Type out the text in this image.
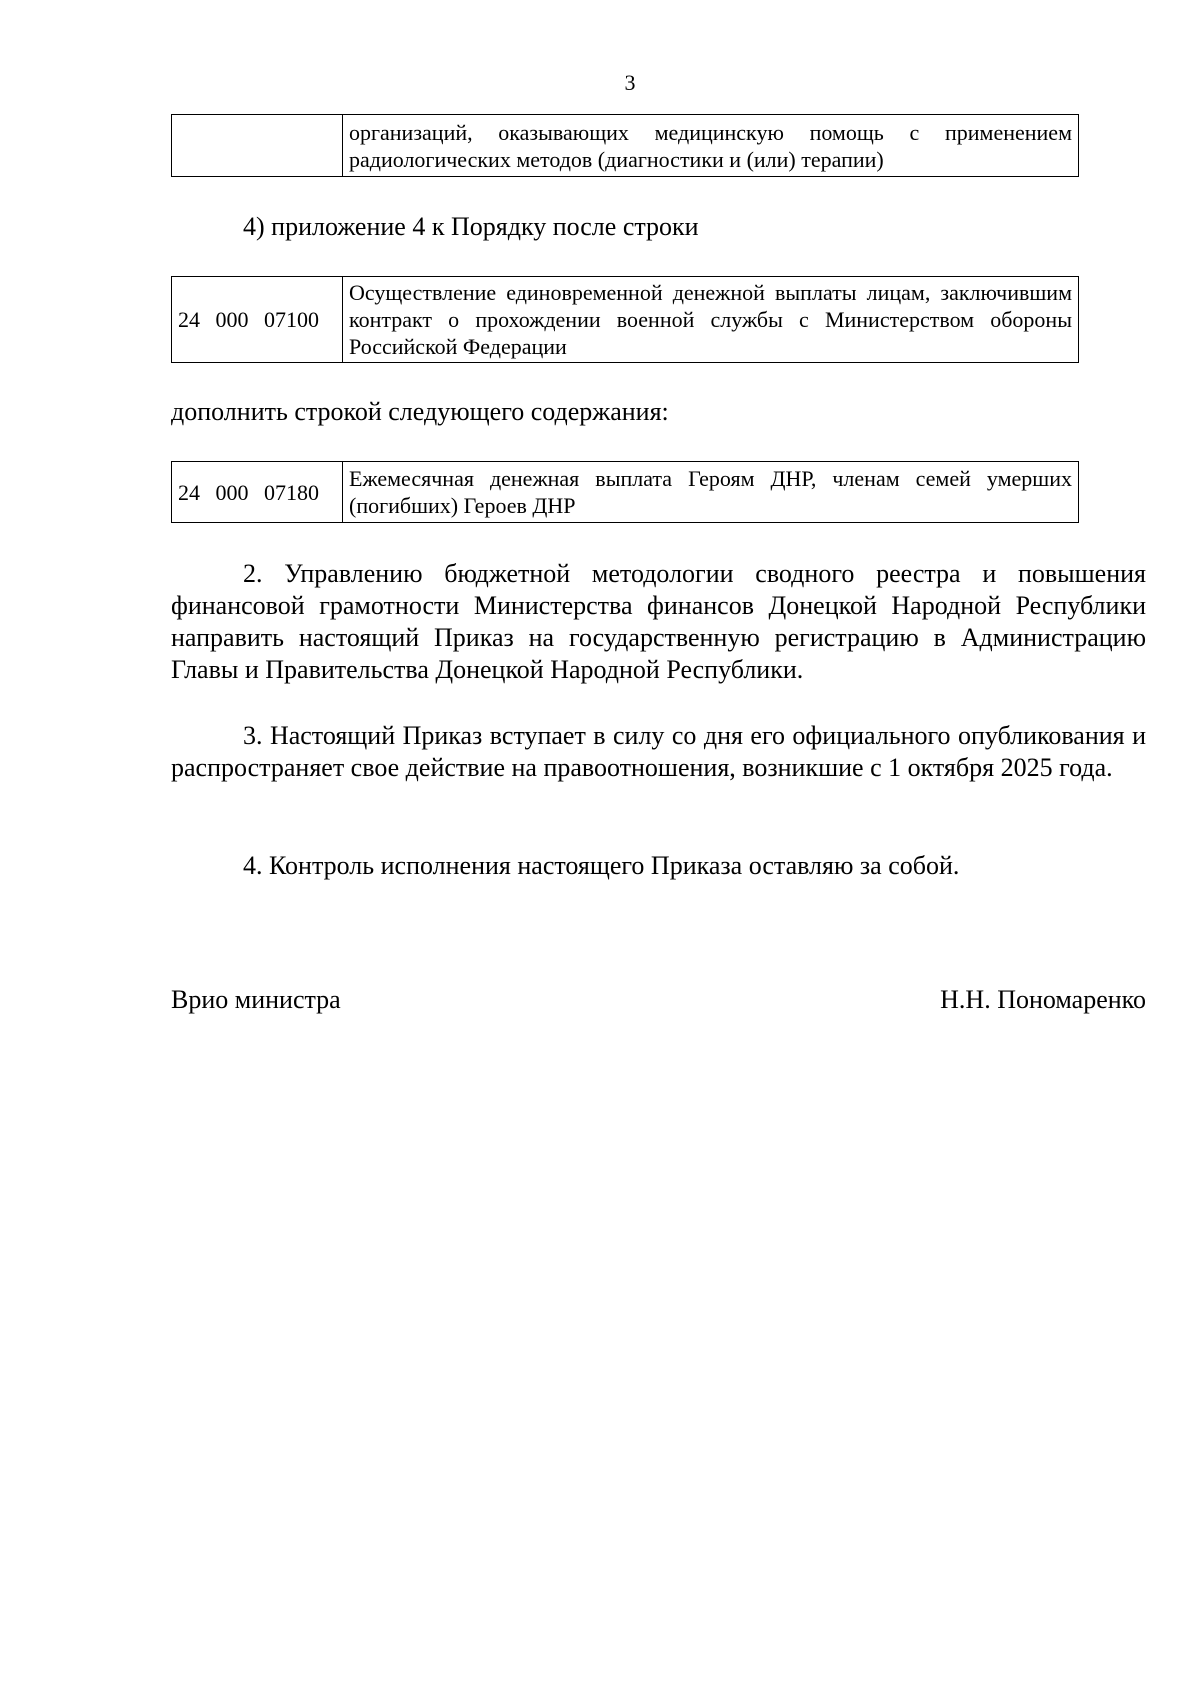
3
	организаций, оказывающих медицинскую помощь с применением радиологических методов (диагностики и (или) терапии)

4) приложение 4 к Порядку после строки

24 000 07100	Осуществление единовременной денежной выплаты лицам, заключившим контракт о прохождении военной службы с Министерством обороны Российской Федерации

дополнить строкой следующего содержания:

24 000 07180	Ежемесячная денежная выплата Героям ДНР, членам семей умерших (погибших) Героев ДНР

2. Управлению бюджетной методологии сводного реестра и повышения финансовой грамотности Министерства финансов Донецкой Народной Республики направить настоящий Приказ на государственную регистрацию в Администрацию Главы и Правительства Донецкой Народной Республики.

3. Настоящий Приказ вступает в силу со дня его официального опубликования и распространяет свое действие на правоотношения, возникшие с 1 октября 2025 года.

4. Контроль исполнения настоящего Приказа оставляю за собой.

Врио министра	Н.Н. Пономаренко
